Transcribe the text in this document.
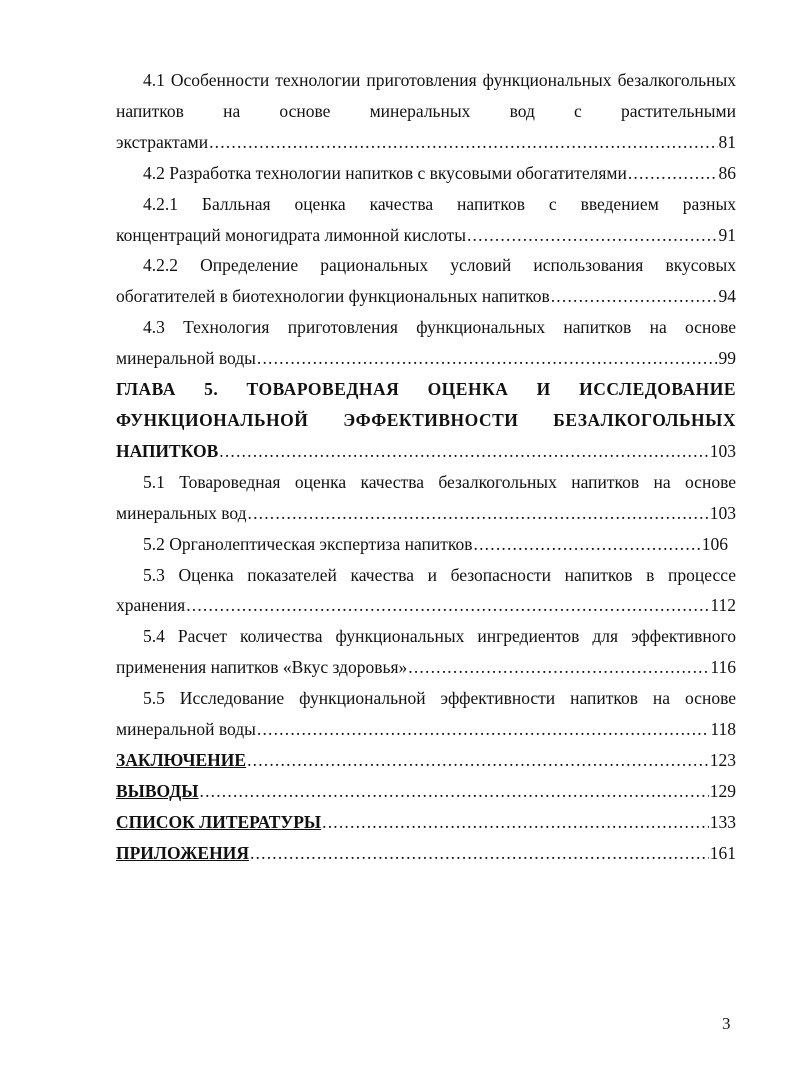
4.1 Особенности технологии приготовления функциональных безалкогольных напитков на основе минеральных вод с растительными
экстрактами .....	81
4.2 Разработка технологии напитков с вкусовыми обогатителями .....	86
4.2.1 Балльная оценка качества напитков с введением разных
концентраций моногидрата лимонной кислоты .....	91
4.2.2 Определение рациональных условий использования вкусовых
обогатителей в биотехнологии функциональных напитков .....	94
4.3 Технология приготовления функциональных напитков на основе
минеральной воды .....	99
ГЛАВА 5. ТОВАРОВЕДНАЯ ОЦЕНКА И ИССЛЕДОВАНИЕ
ФУНКЦИОНАЛЬНОЙ ЭФФЕКТИВНОСТИ БЕЗАЛКОГОЛЬНЫХ
НАПИТКОВ .....	103
5.1 Товароведная оценка качества безалкогольных напитков на основе
минеральных вод .....	103
5.2 Органолептическая экспертиза напитков .....	106
5.3 Оценка показателей качества и безопасности напитков в процессе
хранения .....	112
5.4 Расчет количества функциональных ингредиентов для эффективного
применения напитков «Вкус здоровья» .....	116
5.5 Исследование функциональной эффективности напитков на основе
минеральной воды .....	118
ЗАКЛЮЧЕНИЕ .....	123
ВЫВОДЫ .....	129
СПИСОК ЛИТЕРАТУРЫ .....	133
ПРИЛОЖЕНИЯ .....	161
3
